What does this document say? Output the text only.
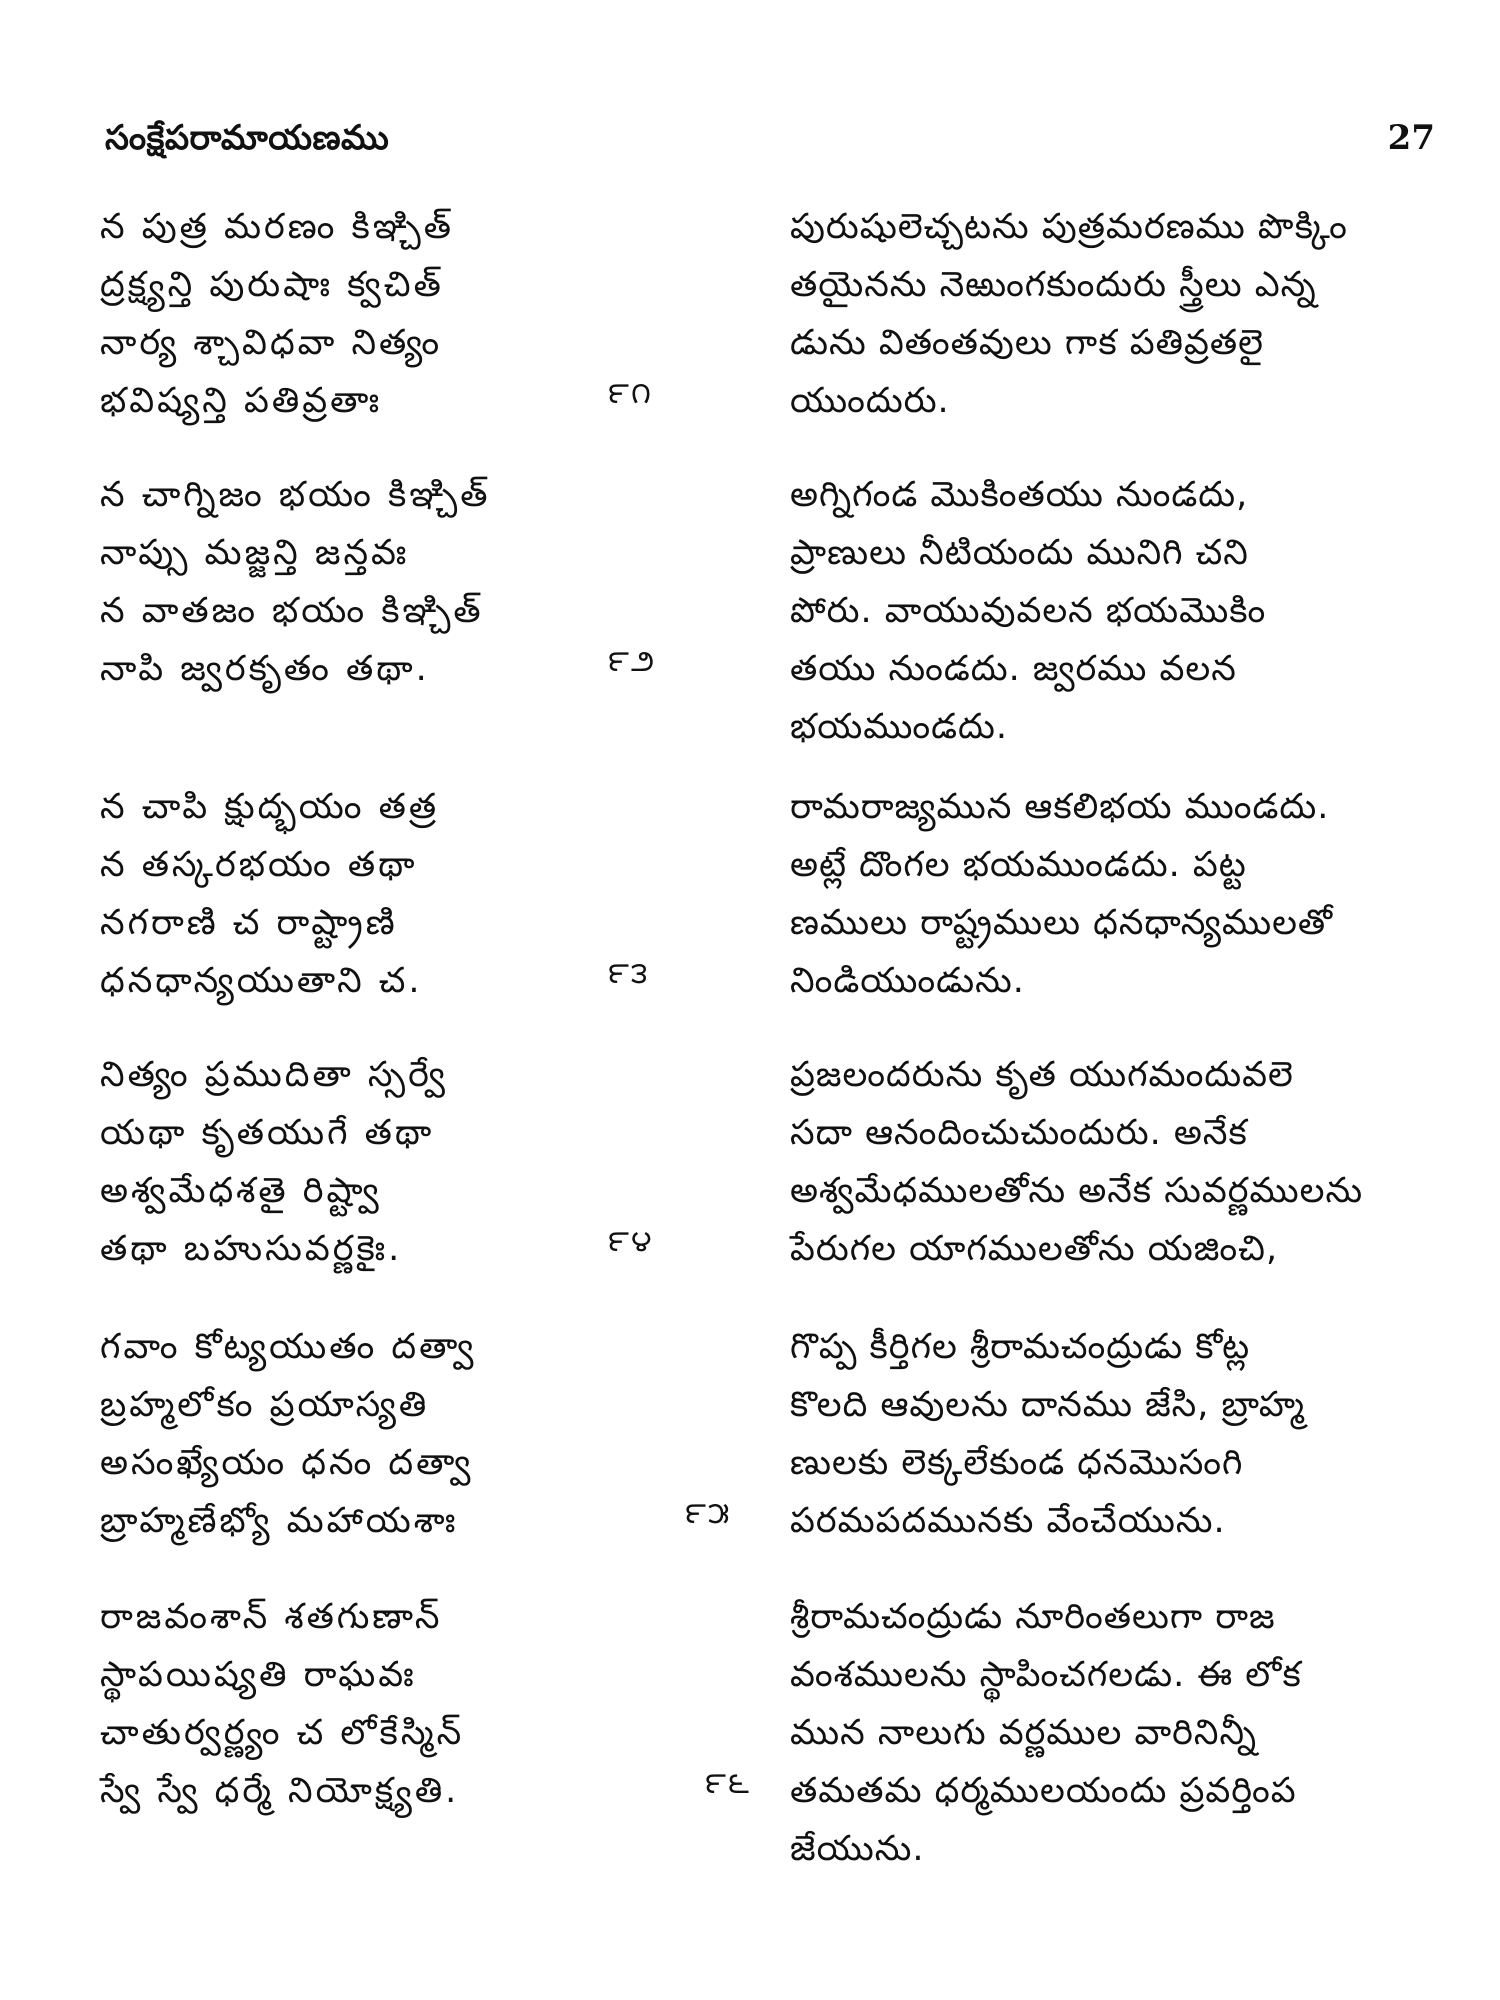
సంక్షేపరామాయణము	27
న పుత్ర మరణం కిఞ్చిత్
ద్రక్ష్యన్తి పురుషాః క్వచిత్
నార్య శ్చావిధవా నిత్యం
భవిష్యన్తి పతివ్రతాః	౯౧
పురుషులెచ్చటను పుత్రమరణము పొక్కిం
తయైనను నెఱుంగకుందురు స్త్రీలు ఎన్న
డును వితంతవులు గాక పతివ్రతలై
యుందురు.
న చాగ్నిజం భయం కిఞ్చిత్
నాప్సు మజ్జన్తి జన్తవః
న వాతజం భయం కిఞ్చిత్
నాపి జ్వరకృతం తథా.	౯౨
అగ్నిగండ మొకింతయు నుండదు,
ప్రాణులు నీటియందు మునిగి చని
పోరు. వాయువువలన భయమొకిం
తయు నుండదు. జ్వరము వలన
భయముండదు.
న చాపి క్షుద్భయం తత్ర
న తస్కరభయం తథా
నగరాణి చ రాష్ట్రాణి
ధనధాన్యయుతాని చ.	౯౩
రామరాజ్యమున ఆకలిభయ ముండదు.
అట్లే దొంగల భయముండదు. పట్ట
ణములు రాష్ట్రములు ధనధాన్యములతో
నిండియుండును.
నిత్యం ప్రముదితా స్సర్వే
యథా కృతయుగే తథా
అశ్వమేధశతై రిష్ట్వా
తథా బహుసువర్ణకైః.	౯౪
ప్రజలందరును కృత యుగమందువలె
సదా ఆనందించుచుందురు. అనేక
అశ్వమేధములతోను అనేక సువర్ణములను
పేరుగల యాగములతోను యజించి,
గవాం కోట్యయుతం దత్వా
బ్రహ్మలోకం ప్రయాస్యతి
అసంఖ్యేయం ధనం దత్వా
బ్రాహ్మణేభ్యో మహాయశాః	౯౫
గొప్ప కీర్తిగల శ్రీరామచంద్రుడు కోట్ల
కొలది ఆవులను దానము జేసి, బ్రాహ్మ
ణులకు లెక్కలేకుండ ధనమొసంగి
పరమపదమునకు వేంచేయును.
రాజవంశాన్ శతగుణాన్
స్థాపయిష్యతి రాఘవః
చాతుర్వర్ణ్యం చ లోకేస్మిన్
స్వే స్వే ధర్మే నియోక్ష్యతి.	౯౬
శ్రీరామచంద్రుడు నూరింతలుగా రాజ
వంశములను స్థాపించగలడు. ఈ లోక
మున నాలుగు వర్ణముల వారినిన్నీ
తమతమ ధర్మములయందు ప్రవర్తింప
జేయును.
